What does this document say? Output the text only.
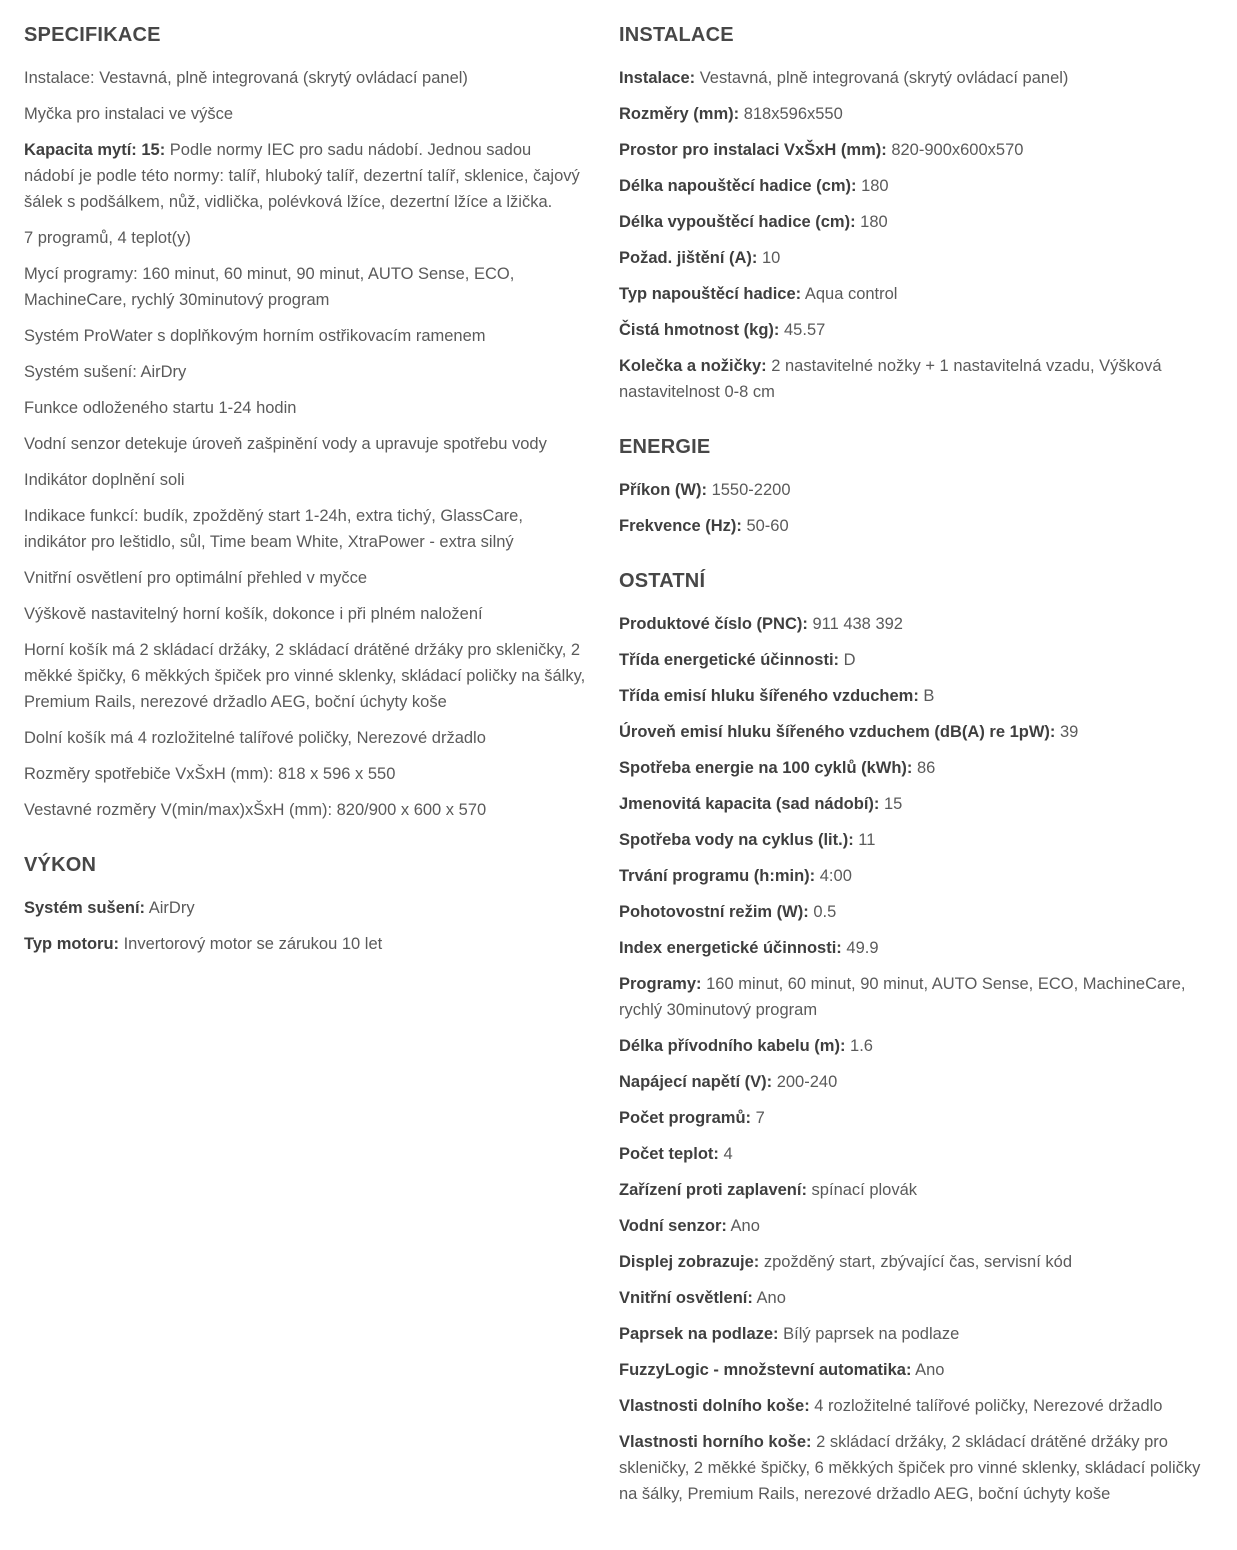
SPECIFIKACE

Instalace: Vestavná, plně integrovaná (skrytý ovládací panel)

Myčka pro instalaci ve výšce

Kapacita mytí: 15: Podle normy IEC pro sadu nádobí. Jednou sadou nádobí je podle této normy: talíř, hluboký talíř, dezertní talíř, sklenice, čajový šálek s podšálkem, nůž, vidlička, polévková lžíce, dezertní lžíce a lžička.

7 programů, 4 teplot(y)

Mycí programy: 160 minut, 60 minut, 90 minut, AUTO Sense, ECO, MachineCare, rychlý 30minutový program

Systém ProWater s doplňkovým horním ostřikovacím ramenem

Systém sušení: AirDry

Funkce odloženého startu 1-24 hodin

Vodní senzor detekuje úroveň zašpinění vody a upravuje spotřebu vody

Indikátor doplnění soli

Indikace funkcí: budík, zpožděný start 1-24h, extra tichý, GlassCare, indikátor pro leštidlo, sůl, Time beam White, XtraPower - extra silný

Vnitřní osvětlení pro optimální přehled v myčce

Výškově nastavitelný horní košík, dokonce i při plném naložení

Horní košík má 2 skládací držáky, 2 skládací drátěné držáky pro skleničky, 2 měkké špičky, 6 měkkých špiček pro vinné sklenky, skládací poličky na šálky, Premium Rails, nerezové držadlo AEG, boční úchyty koše

Dolní košík má 4 rozložitelné talířové poličky, Nerezové držadlo

Rozměry spotřebiče VxŠxH (mm): 818 x 596 x 550

Vestavné rozměry V(min/max)xŠxH (mm): 820/900 x 600 x 570

VÝKON

Systém sušení: AirDry

Typ motoru: Invertorový motor se zárukou 10 let

INSTALACE

Instalace: Vestavná, plně integrovaná (skrytý ovládací panel)

Rozměry (mm): 818x596x550

Prostor pro instalaci VxŠxH (mm): 820-900x600x570

Délka napouštěcí hadice (cm): 180

Délka vypouštěcí hadice (cm): 180

Požad. jištění (A): 10

Typ napouštěcí hadice: Aqua control

Čistá hmotnost (kg): 45.57

Kolečka a nožičky: 2 nastavitelné nožky + 1 nastavitelná vzadu, Výšková nastavitelnost 0-8 cm

ENERGIE

Příkon (W): 1550-2200

Frekvence (Hz): 50-60

OSTATNÍ

Produktové číslo (PNC): 911 438 392

Třída energetické účinnosti: D

Třída emisí hluku šířeného vzduchem: B

Úroveň emisí hluku šířeného vzduchem (dB(A) re 1pW): 39

Spotřeba energie na 100 cyklů (kWh): 86

Jmenovitá kapacita (sad nádobí): 15

Spotřeba vody na cyklus (lit.): 11

Trvání programu (h:min): 4:00

Pohotovostní režim (W): 0.5

Index energetické účinnosti: 49.9

Programy: 160 minut, 60 minut, 90 minut, AUTO Sense, ECO, MachineCare, rychlý 30minutový program

Délka přívodního kabelu (m): 1.6

Napájecí napětí (V): 200-240

Počet programů: 7

Počet teplot: 4

Zařízení proti zaplavení: spínací plovák

Vodní senzor: Ano

Displej zobrazuje: zpožděný start, zbývající čas, servisní kód

Vnitřní osvětlení: Ano

Paprsek na podlaze: Bílý paprsek na podlaze

FuzzyLogic - množstevní automatika: Ano

Vlastnosti dolního koše: 4 rozložitelné talířové poličky, Nerezové držadlo

Vlastnosti horního koše: 2 skládací držáky, 2 skládací drátěné držáky pro skleničky, 2 měkké špičky, 6 měkkých špiček pro vinné sklenky, skládací poličky na šálky, Premium Rails, nerezové držadlo AEG, boční úchyty koše
